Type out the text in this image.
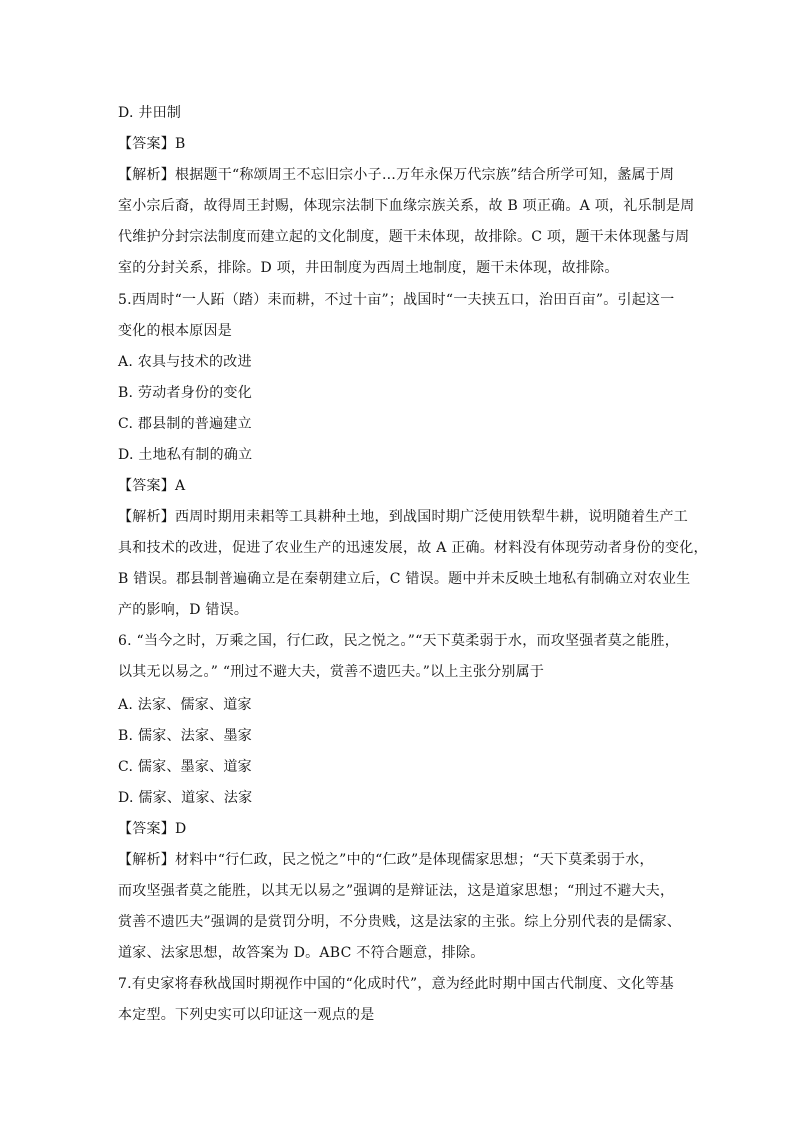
D. 井田制
【答案】B
【解析】根据题干“称颂周王不忘旧宗小子…万年永保万代宗族”结合所学可知，盠属于周
室小宗后裔，故得周王封赐，体现宗法制下血缘宗族关系，故 B 项正确。A 项，礼乐制是周
代维护分封宗法制度而建立起的文化制度，题干未体现，故排除。C 项，题干未体现盠与周
室的分封关系，排除。D 项，井田制度为西周土地制度，题干未体现，故排除。
5.西周时“一人跖（踏）耒而耕，不过十亩”；战国时“一夫挟五口，治田百亩”。引起这一
变化的根本原因是
A. 农具与技术的改进
B. 劳动者身份的变化
C. 郡县制的普遍建立
D. 土地私有制的确立
【答案】A
【解析】西周时期用耒耜等工具耕种土地，到战国时期广泛使用铁犁牛耕，说明随着生产工
具和技术的改进，促进了农业生产的迅速发展，故 A 正确。材料没有体现劳动者身份的变化，
B 错误。郡县制普遍确立是在秦朝建立后，C 错误。题中并未反映土地私有制确立对农业生
产的影响，D 错误。
6. “当今之时，万乘之国，行仁政，民之悦之。”“天下莫柔弱于水，而攻坚强者莫之能胜，
以其无以易之。” “刑过不避大夫，赏善不遗匹夫。”以上主张分别属于
A. 法家、儒家、道家
B. 儒家、法家、墨家
C. 儒家、墨家、道家
D. 儒家、道家、法家
【答案】D
【解析】材料中“行仁政，民之悦之”中的“仁政”是体现儒家思想；“天下莫柔弱于水，
而攻坚强者莫之能胜，以其无以易之”强调的是辩证法，这是道家思想；“刑过不避大夫，
赏善不遗匹夫”强调的是赏罚分明，不分贵贱，这是法家的主张。综上分别代表的是儒家、
道家、法家思想，故答案为 D。ABC 不符合题意，排除。
7.有史家将春秋战国时期视作中国的“化成时代”，意为经此时期中国古代制度、文化等基
本定型。下列史实可以印证这一观点的是
